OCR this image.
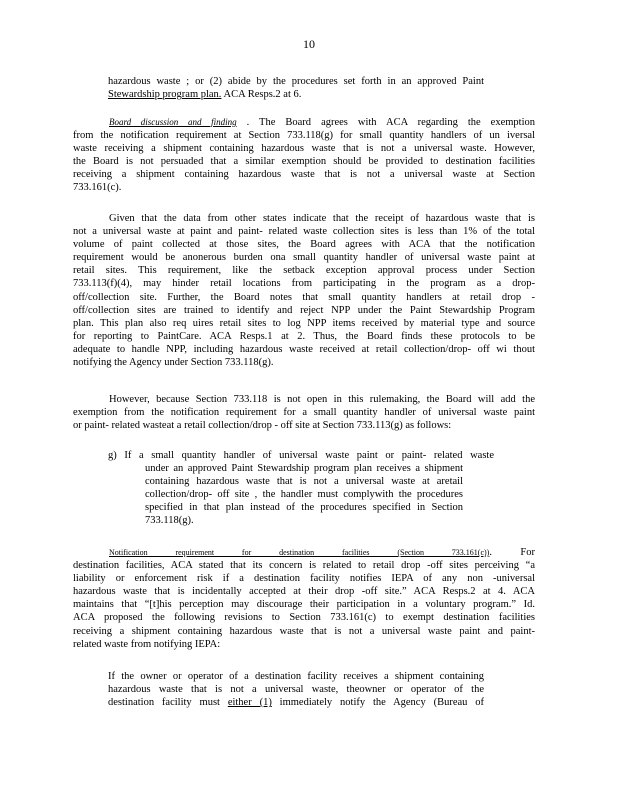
10
hazardous waste ; or (2) abide by the procedures set forth in an approved Paint
Stewardship program plan. ACA Resps.2 at 6.
Board discussion and finding . The Board agrees with ACA regarding the exemption
from the notification requirement at Section 733.118(g) for small quantity handlers of un iversal
waste receiving a shipment containing hazardous waste that is not a universal waste. However,
the Board is not persuaded that a similar exemption should be provided to destination facilities
receiving a shipment containing hazardous waste that is not a universal waste at Section
733.161(c).
Given that the data from other states indicate that the receipt of hazardous waste that is
not a universal waste at paint and paint- related waste collection sites is less than 1% of the total
volume of paint collected at those sites, the Board agrees with ACA that the notification
requirement would be anonerous burden ona small quantity handler of universal waste paint at
retail sites. This requirement, like the setback exception approval process under Section
733.113(f)(4), may hinder retail locations from participating in the program as a drop-
off/collection site. Further, the Board notes that small quantity handlers at retail drop -
off/collection sites are trained to identify and reject NPP under the Paint Stewardship Program
plan. This plan also req uires retail sites to log NPP items received by material type and source
for reporting to PaintCare. ACA Resps.1 at 2. Thus, the Board finds these protocols to be
adequate to handle NPP, including hazardous waste received at retail collection/drop- off wi thout
notifying the Agency under Section 733.118(g).
However, because Section 733.118 is not open in this rulemaking, the Board will add the
exemption from the notification requirement for a small quantity handler of universal waste paint
or paint- related wasteat a retail collection/drop - off site at Section 733.113(g) as follows:
g) If a small quantity handler of universal waste paint or paint- related waste
under an approved Paint Stewardship program plan receives a shipment
containing hazardous waste that is not a universal waste at aretail
collection/drop- off site , the handler must complywith the procedures
specified in that plan instead of the procedures specified in Section
733.118(g).
Notification requirement for destination facilities (Section 733.161(c)). For
destination facilities, ACA stated that its concern is related to retail drop -off sites perceiving “a
liability or enforcement risk if a destination facility notifies IEPA of any non -universal
hazardous waste that is incidentally accepted at their drop -off site.” ACA Resps.2 at 4. ACA
maintains that “[t]his perception may discourage their participation in a voluntary program.” Id.
ACA proposed the following revisions to Section 733.161(c) to exempt destination facilities
receiving a shipment containing hazardous waste that is not a universal waste paint and paint-
related waste from notifying IEPA:
If the owner or operator of a destination facility receives a shipment containing
hazardous waste that is not a universal waste, theowner or operator of the
destination facility must either (1) immediately notify the Agency (Bureau of
